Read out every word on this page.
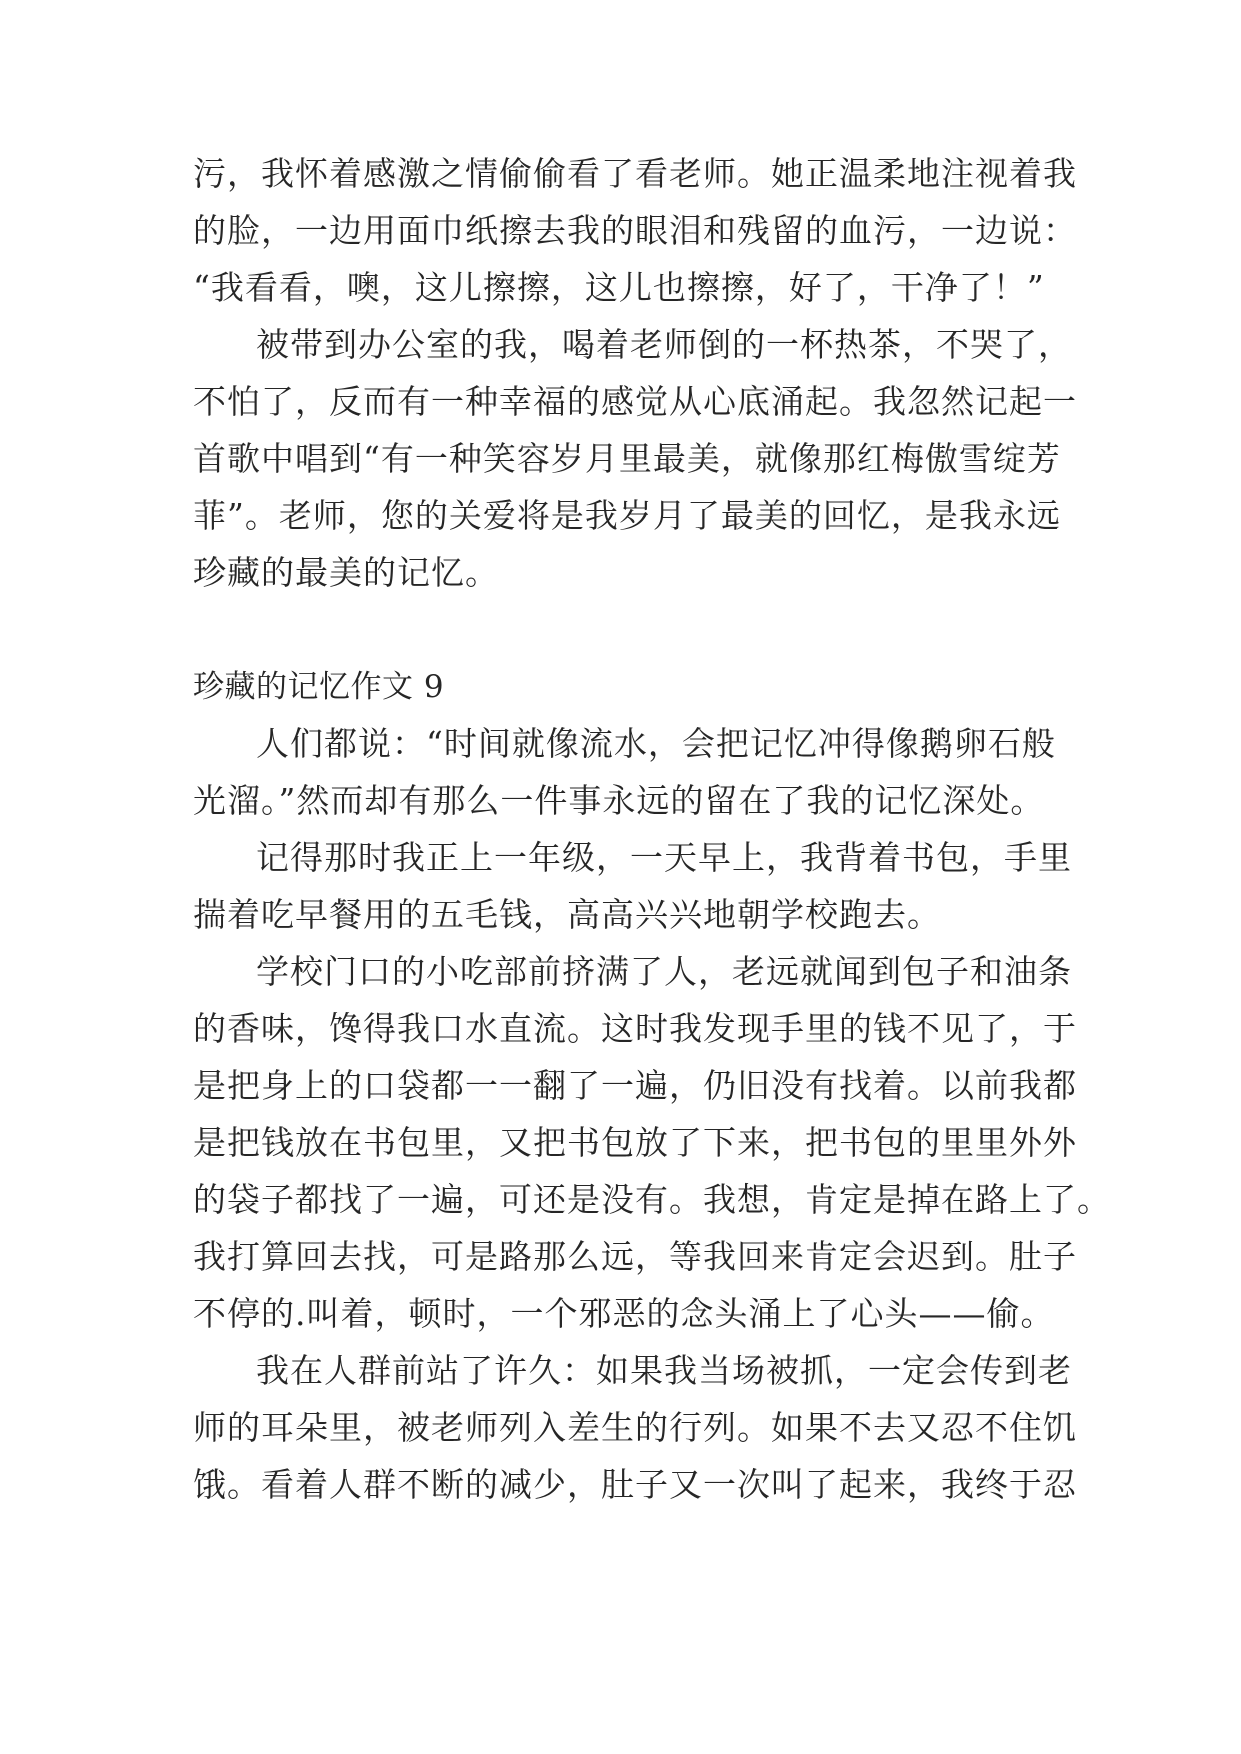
污，我怀着感激之情偷偷看了看老师。她正温柔地注视着我
的脸，一边用面巾纸擦去我的眼泪和残留的血污，一边说：
“我看看，噢，这儿擦擦，这儿也擦擦，好了，干净了！”
被带到办公室的我，喝着老师倒的一杯热茶，不哭了，
不怕了，反而有一种幸福的感觉从心底涌起。我忽然记起一
首歌中唱到“有一种笑容岁月里最美，就像那红梅傲雪绽芳
菲”。老师，您的关爱将是我岁月了最美的回忆，是我永远
珍藏的最美的记忆。
珍藏的记忆作文 9
人们都说：“时间就像流水，会把记忆冲得像鹅卵石般
光溜。”然而却有那么一件事永远的留在了我的记忆深处。
记得那时我正上一年级，一天早上，我背着书包，手里
揣着吃早餐用的五毛钱，高高兴兴地朝学校跑去。
学校门口的小吃部前挤满了人，老远就闻到包子和油条
的香味，馋得我口水直流。这时我发现手里的钱不见了，于
是把身上的口袋都一一翻了一遍，仍旧没有找着。以前我都
是把钱放在书包里，又把书包放了下来，把书包的里里外外
的袋子都找了一遍，可还是没有。我想，肯定是掉在路上了。
我打算回去找，可是路那么远，等我回来肯定会迟到。肚子
不停的.叫着，顿时，一个邪恶的念头涌上了心头——偷。
我在人群前站了许久：如果我当场被抓，一定会传到老
师的耳朵里，被老师列入差生的行列。如果不去又忍不住饥
饿。看着人群不断的减少，肚子又一次叫了起来，我终于忍
